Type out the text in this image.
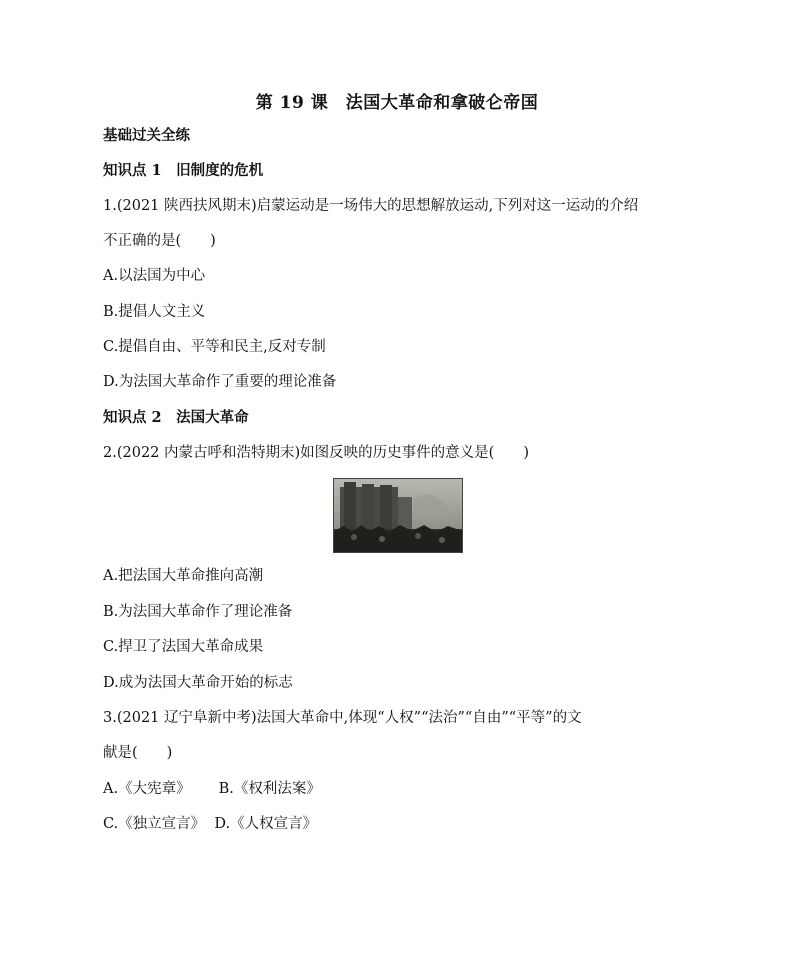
第 19 课　法国大革命和拿破仑帝国
基础过关全练
知识点 1　旧制度的危机
1.(2021 陕西扶风期末)启蒙运动是一场伟大的思想解放运动,下列对这一运动的介绍
不正确的是(　　)
A.以法国为中心
B.提倡人文主义
C.提倡自由、平等和民主,反对专制
D.为法国大革命作了重要的理论准备
知识点 2　法国大革命
2.(2022 内蒙古呼和浩特期末)如图反映的历史事件的意义是(　　)
A.把法国大革命推向高潮
B.为法国大革命作了理论准备
C.捍卫了法国大革命成果
D.成为法国大革命开始的标志
3.(2021 辽宁阜新中考)法国大革命中,体现“人权”“法治”“自由”“平等”的文
献是(　　)
A.《大宪章》 B.《权利法案》
C.《独立宣言》 D.《人权宣言》
